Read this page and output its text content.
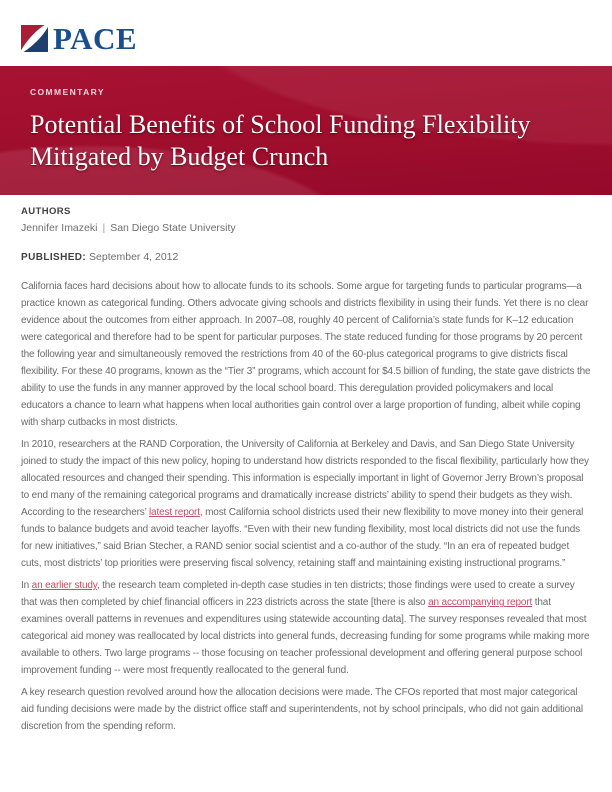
PACE
COMMENTARY
Potential Benefits of School Funding Flexibility
Mitigated by Budget Crunch
AUTHORS
Jennifer Imazeki | San Diego State University
PUBLISHED: September 4, 2012

California faces hard decisions about how to allocate funds to its schools. Some argue for targeting funds to particular programs—a practice known as categorical funding. Others advocate giving schools and districts flexibility in using their funds. Yet there is no clear evidence about the outcomes from either approach. In 2007–08, roughly 40 percent of California’s state funds for K–12 education were categorical and therefore had to be spent for particular purposes. The state reduced funding for those programs by 20 percent the following year and simultaneously removed the restrictions from 40 of the 60-plus categorical programs to give districts fiscal flexibility. For these 40 programs, known as the “Tier 3” programs, which account for $4.5 billion of funding, the state gave districts the ability to use the funds in any manner approved by the local school board. This deregulation provided policymakers and local educators a chance to learn what happens when local authorities gain control over a large proportion of funding, albeit while coping with sharp cutbacks in most districts.

In 2010, researchers at the RAND Corporation, the University of California at Berkeley and Davis, and San Diego State University joined to study the impact of this new policy, hoping to understand how districts responded to the fiscal flexibility, particularly how they allocated resources and changed their spending. This information is especially important in light of Governor Jerry Brown’s proposal to end many of the remaining categorical programs and dramatically increase districts’ ability to spend their budgets as they wish. According to the researchers’ latest report, most California school districts used their new flexibility to move money into their general funds to balance budgets and avoid teacher layoffs. “Even with their new funding flexibility, most local districts did not use the funds for new initiatives,” said Brian Stecher, a RAND senior social scientist and a co-author of the study. “In an era of repeated budget cuts, most districts’ top priorities were preserving fiscal solvency, retaining staff and maintaining existing instructional programs.”

In an earlier study, the research team completed in-depth case studies in ten districts; those findings were used to create a survey that was then completed by chief financial officers in 223 districts across the state [there is also an accompanying report that examines overall patterns in revenues and expenditures using statewide accounting data]. The survey responses revealed that most categorical aid money was reallocated by local districts into general funds, decreasing funding for some programs while making more available to others. Two large programs -- those focusing on teacher professional development and offering general purpose school improvement funding -- were most frequently reallocated to the general fund.

A key research question revolved around how the allocation decisions were made. The CFOs reported that most major categorical aid funding decisions were made by the district office staff and superintendents, not by school principals, who did not gain additional discretion from the spending reform.
